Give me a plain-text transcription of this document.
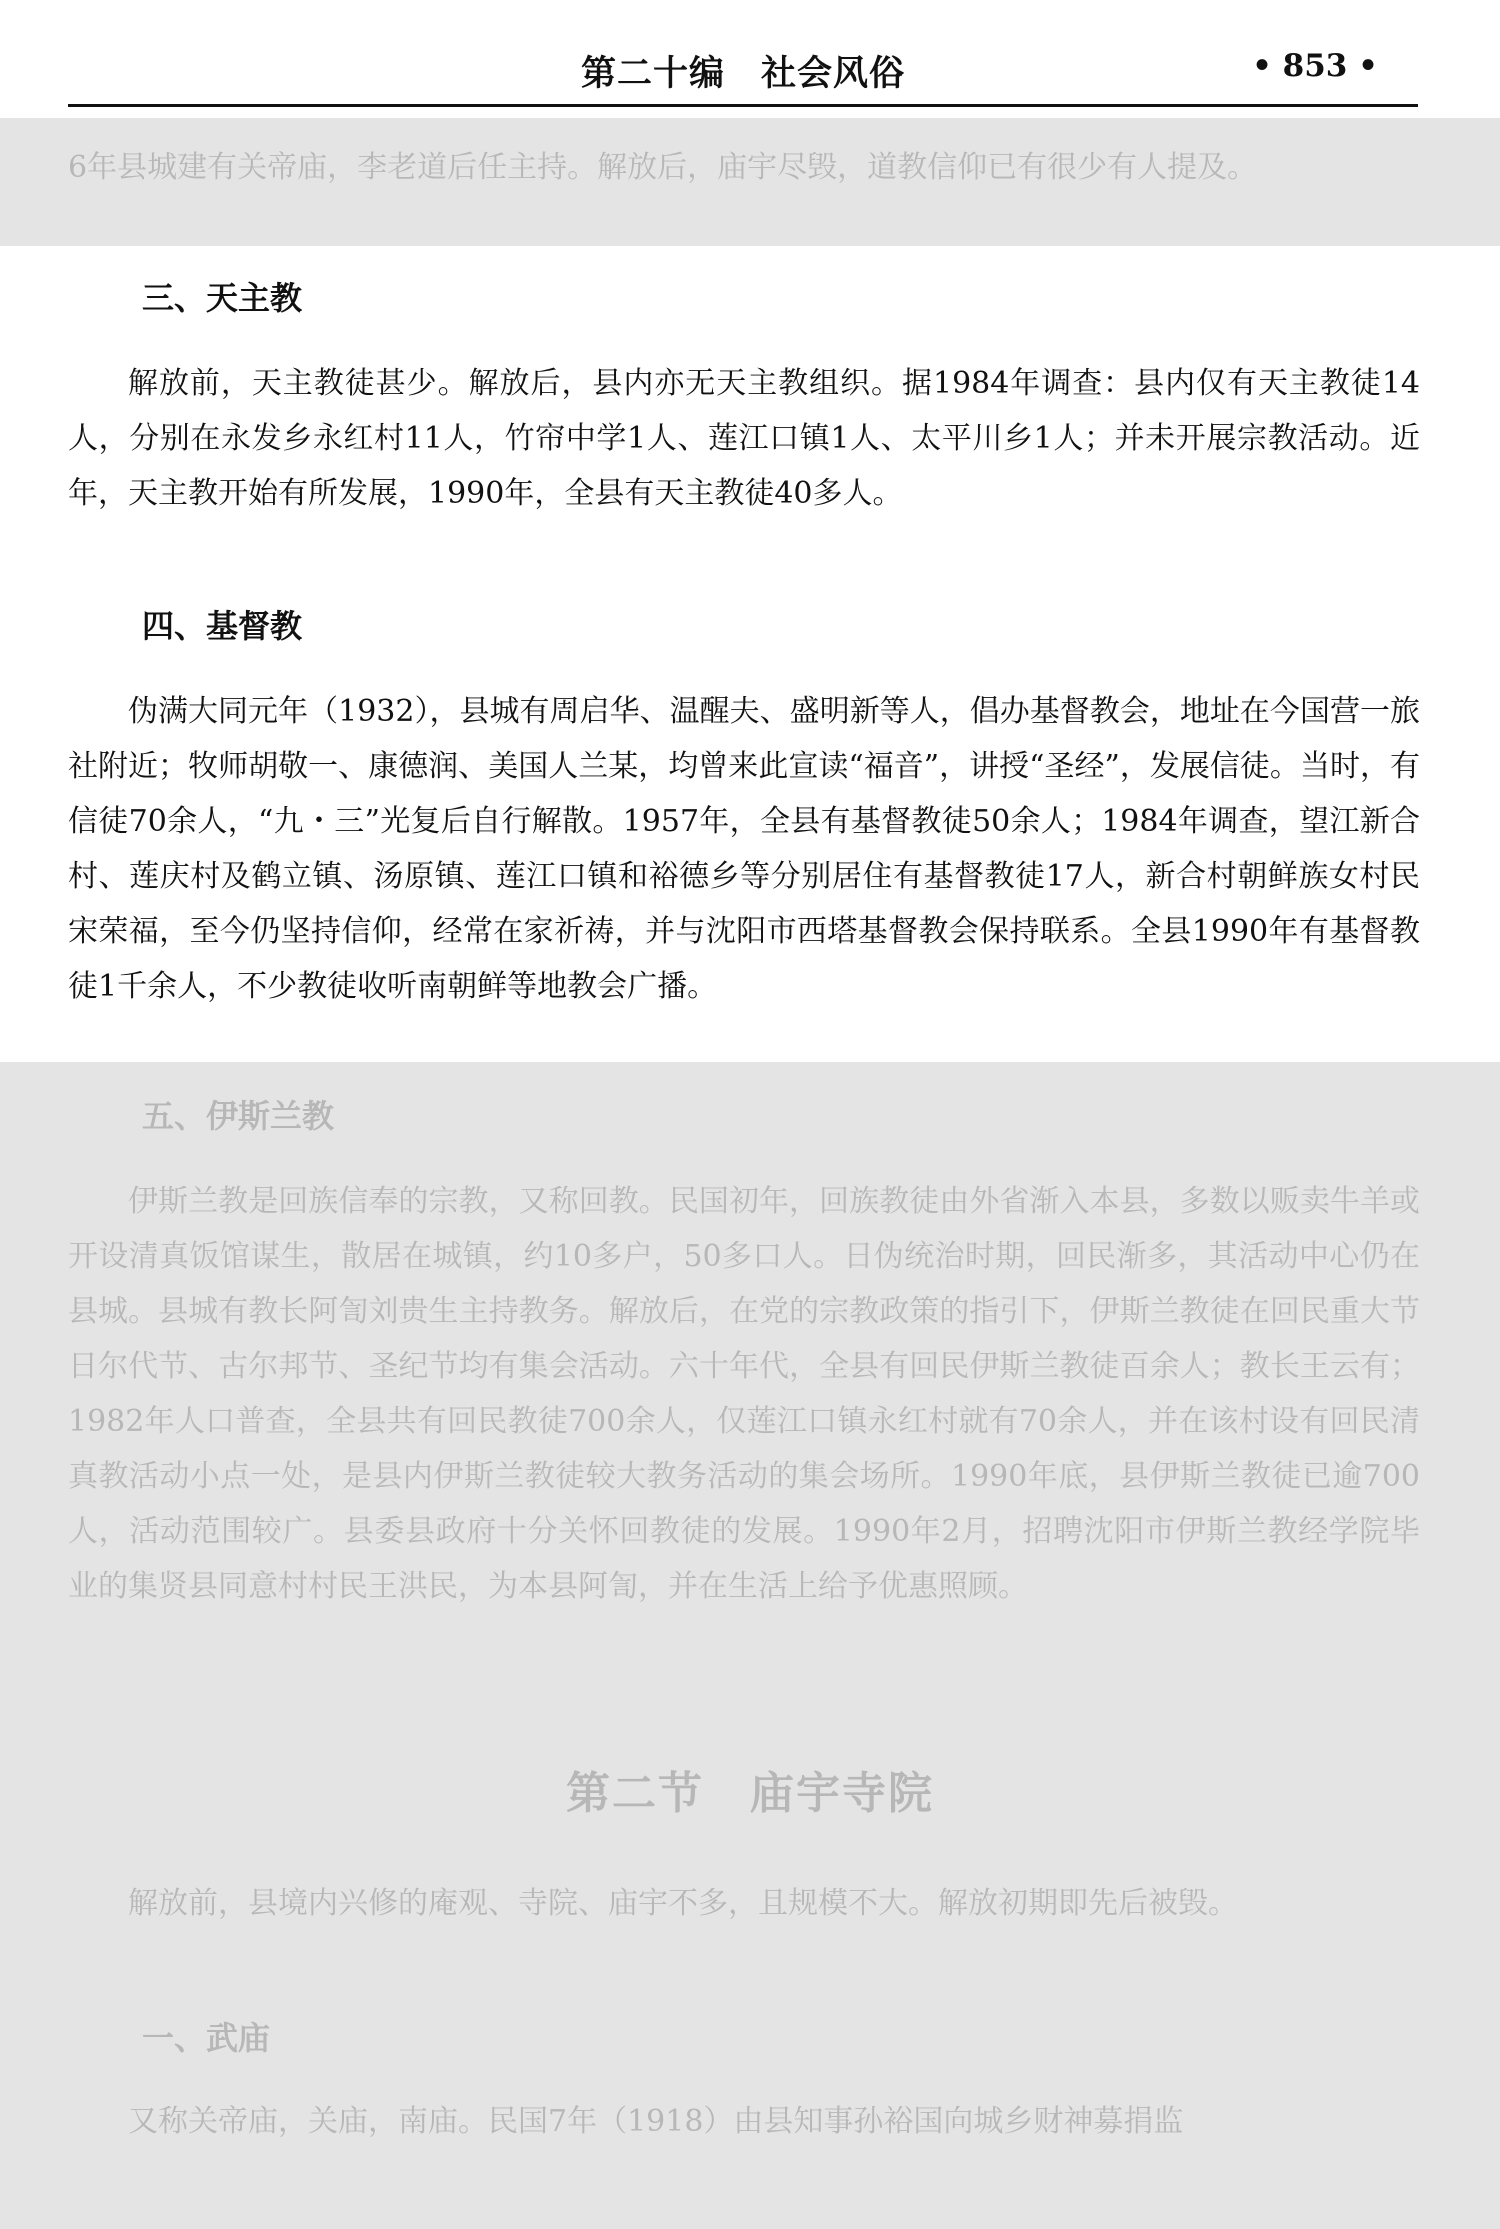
第二十编　社会风俗	• 853 •

6年县城建有关帝庙，李老道后任主持。解放后，庙宇尽毁，道教信仰已有很少有人提及。

三、天主教

解放前，天主教徒甚少。解放后，县内亦无天主教组织。据1984年调查：县内仅有天主教徒14人，分别在永发乡永红村11人，竹帘中学1人、莲江口镇1人、太平川乡1人；并未开展宗教活动。近年，天主教开始有所发展，1990年，全县有天主教徒40多人。

四、基督教

伪满大同元年（1932），县城有周启华、温醒夫、盛明新等人，倡办基督教会，地址在今国营一旅社附近；牧师胡敬一、康德润、美国人兰某，均曾来此宣读“福音”，讲授“圣经”，发展信徒。当时，有信徒70余人，“九・三”光复后自行解散。1957年，全县有基督教徒50余人；1984年调查，望江新合村、莲庆村及鹤立镇、汤原镇、莲江口镇和裕德乡等分别居住有基督教徒17人，新合村朝鲜族女村民宋荣福，至今仍坚持信仰，经常在家祈祷，并与沈阳市西塔基督教会保持联系。全县1990年有基督教徒1千余人，不少教徒收听南朝鲜等地教会广播。

五、伊斯兰教

伊斯兰教是回族信奉的宗教，又称回教。民国初年，回族教徒由外省渐入本县，多数以贩卖牛羊或开设清真饭馆谋生，散居在城镇，约10多户，50多口人。日伪统治时期，回民渐多，其活动中心仍在县城。县城有教长阿訇刘贵生主持教务。解放后，在党的宗教政策的指引下，伊斯兰教徒在回民重大节日尔代节、古尔邦节、圣纪节均有集会活动。六十年代，全县有回民伊斯兰教徒百余人；教长王云有；1982年人口普查，全县共有回民教徒700余人，仅莲江口镇永红村就有70余人，并在该村设有回民清真教活动小点一处，是县内伊斯兰教徒较大教务活动的集会场所。1990年底，县伊斯兰教徒已逾700人，活动范围较广。县委县政府十分关怀回教徒的发展。1990年2月，招聘沈阳市伊斯兰教经学院毕业的集贤县同意村村民王洪民，为本县阿訇，并在生活上给予优惠照顾。

第二节　庙宇寺院

解放前，县境内兴修的庵观、寺院、庙宇不多，且规模不大。解放初期即先后被毁。

一、武庙

又称关帝庙，关庙，南庙。民国7年（1918）由县知事孙裕国向城乡财神募捐监
